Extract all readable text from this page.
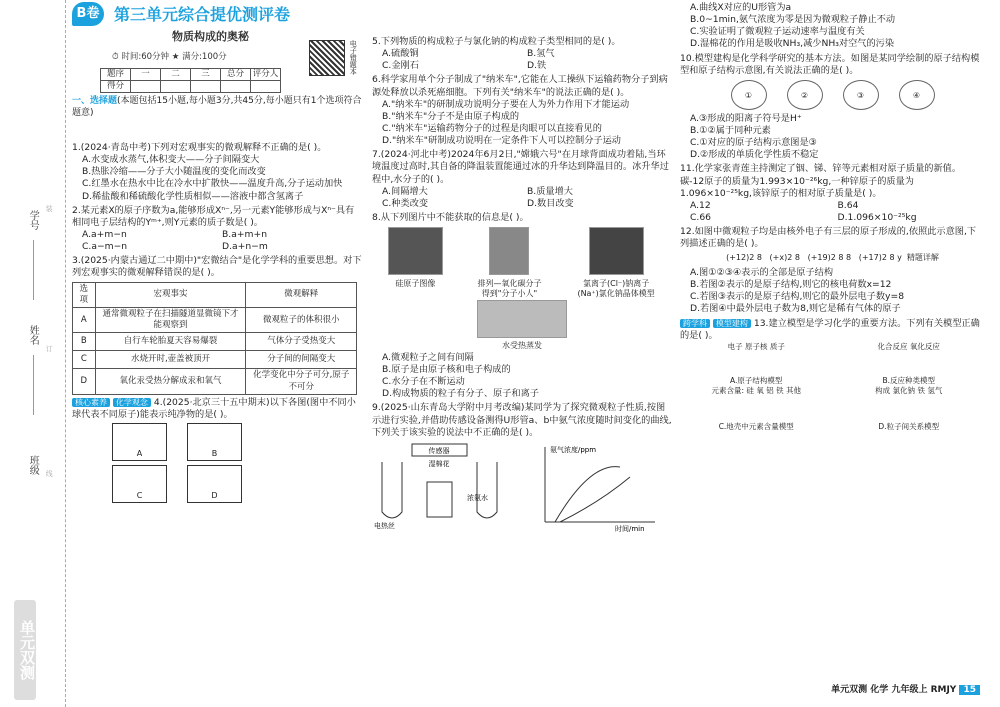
学号
姓名
班级
装
订
线
单元双测
B卷 第三单元综合提优测评卷
物质构成的奥秘
⏱ 时间:60分钟 ★ 满分:100分	电子错题本
题序	一	二	三	总分	评分人
得分					
一、选择题(本题包括15小题,每小题3分,共45分,每小题只有1个选项符合题意)

1.(2024·青岛中考)下列对宏观事实的微观解释不正确的是( )。

A.水变成水蒸气,体积变大——分子间隔变大

B.热胀冷缩——分子大小随温度的变化而改变

C.红墨水在热水中比在冷水中扩散快——温度升高,分子运动加快

D.稀盐酸和稀硫酸化学性质相似——溶液中都含氢离子

2.某元素X的原子序数为a,能够形成Xⁿ⁻,另一元素Y能够形成与Xⁿ⁻具有相同电子层结构的Yᵐ⁺,则Y元素的质子数是( )。

A.a+m−n	B.a+m+n
C.a−m−n	D.a+n−m

3.(2025·内蒙古通辽二中期中)"宏微结合"是化学学科的重要思想。对下列宏观事实的微观解释错误的是( )。

选项	宏观事实	微观解释
A	通常微观粒子在扫描隧道显微镜下才能观察到	微观粒子的体积很小
B	自行车轮胎夏天容易爆裂	气体分子受热变大
C	水烧开时,壶盖被顶开	分子间的间隔变大
D	氧化汞受热分解成汞和氧气	化学变化中分子可分,原子不可分

核心素养 化学观念 4.(2025·北京三十五中期末)以下各图(图中不同小球代表不同原子)能表示纯净物的是( )。

A	B
C	D

5.下列物质的构成粒子与氯化钠的构成粒子类型相同的是( )。

A.硫酸铜	B.氢气
C.金刚石	D.铁

6.科学家用单个分子制成了"纳米车",它能在人工操纵下运输药物分子到病源处释放以杀死癌细胞。下列有关"纳米车"的说法正确的是( )。

A."纳米车"的研制成功说明分子要在人为外力作用下才能运动

B."纳米车"分子不是由原子构成的

C."纳米车"运输药物分子的过程是肉眼可以直接看见的

D."纳米车"研制成功说明在一定条件下人可以控制分子运动

7.(2024·河北中考)2024年6月2日,"嫦娥六号"在月球背面成功着陆,当环境温度过高时,其自备的降温装置能通过冰的升华达到降温目的。冰升华过程中,水分子的( )。

A.间隔增大	B.质量增大
C.种类改变	D.数目改变

8.从下列图片中不能获取的信息是( )。

硅原子图像	排列—氧化碳分子得到"分子小人"

氯离子(Cl⁻)钠离子(Na⁺)氯化钠晶体模型

水受热蒸发

A.微观粒子之间有间隔

B.原子是由原子核和电子构成的

C.水分子在不断运动

D.构成物质的粒子有分子、原子和离子

9.(2025·山东青岛大学附中月考改编)某同学为了探究微观粒子性质,按图示进行实验,并借助传感设备测得U形管a、b中氨气浓度随时间变化的曲线,下列关于该实验的说法中不正确的是( )。

传感器
湿棉花
浓氨水
电热丝
氨气浓度/ppm
时间/min

A.曲线X对应的U形管为a

B.0~1min,氨气浓度为零是因为微观粒子静止不动

C.实验证明了微观粒子运动速率与温度有关

D.湿棉花的作用是吸收NH₃,减少NH₃对空气的污染

10.模型建构是化学科学研究的基本方法。如图是某同学绘制的原子结构模型和原子结构示意图,有关说法正确的是( )。

①	②	③	④

A.③形成的阳离子符号是H⁺

B.①②属于同种元素

C.①对应的原子结构示意图是③

D.②形成的单质化学性质不稳定

11.化学家张青莲主持测定了铟、锑、锌等元素相对原子质量的新值。碳-12原子的质量为1.993×10⁻²⁶kg,一种锌原子的质量为1.096×10⁻²⁵kg,该锌原子的相对原子质量是( )。

A.12	B.64
C.66	D.1.096×10⁻²⁵kg

12.如图中微观粒子均是由核外电子有三层的原子形成的,依照此示意图,下列描述正确的是( )。

(+12)2 8   (+x)2 8   (+19)2 8 8   (+17)2 8 y  精题详解

A.图①②③④表示的全部是原子结构

B.若图②表示的是原子结构,则它的核电荷数x=12

C.若图③表示的是原子结构,则它的最外层电子数y=8

D.若图④中最外层电子数为8,则它是稀有气体的原子

跨学科 模型建构 13.建立模型是学习化学的重要方法。下列有关模型正确的是( )。

电子 原子核 质子

A.原子结构模型

化合反应 氧化反应

B.反应种类模型

元素含量: 硅 氧 铝 铁 其他

C.地壳中元素含量模型

构成 氯化钠 铁 氢气

D.粒子间关系模型

单元双测 化学 九年级上 RMJY 15
